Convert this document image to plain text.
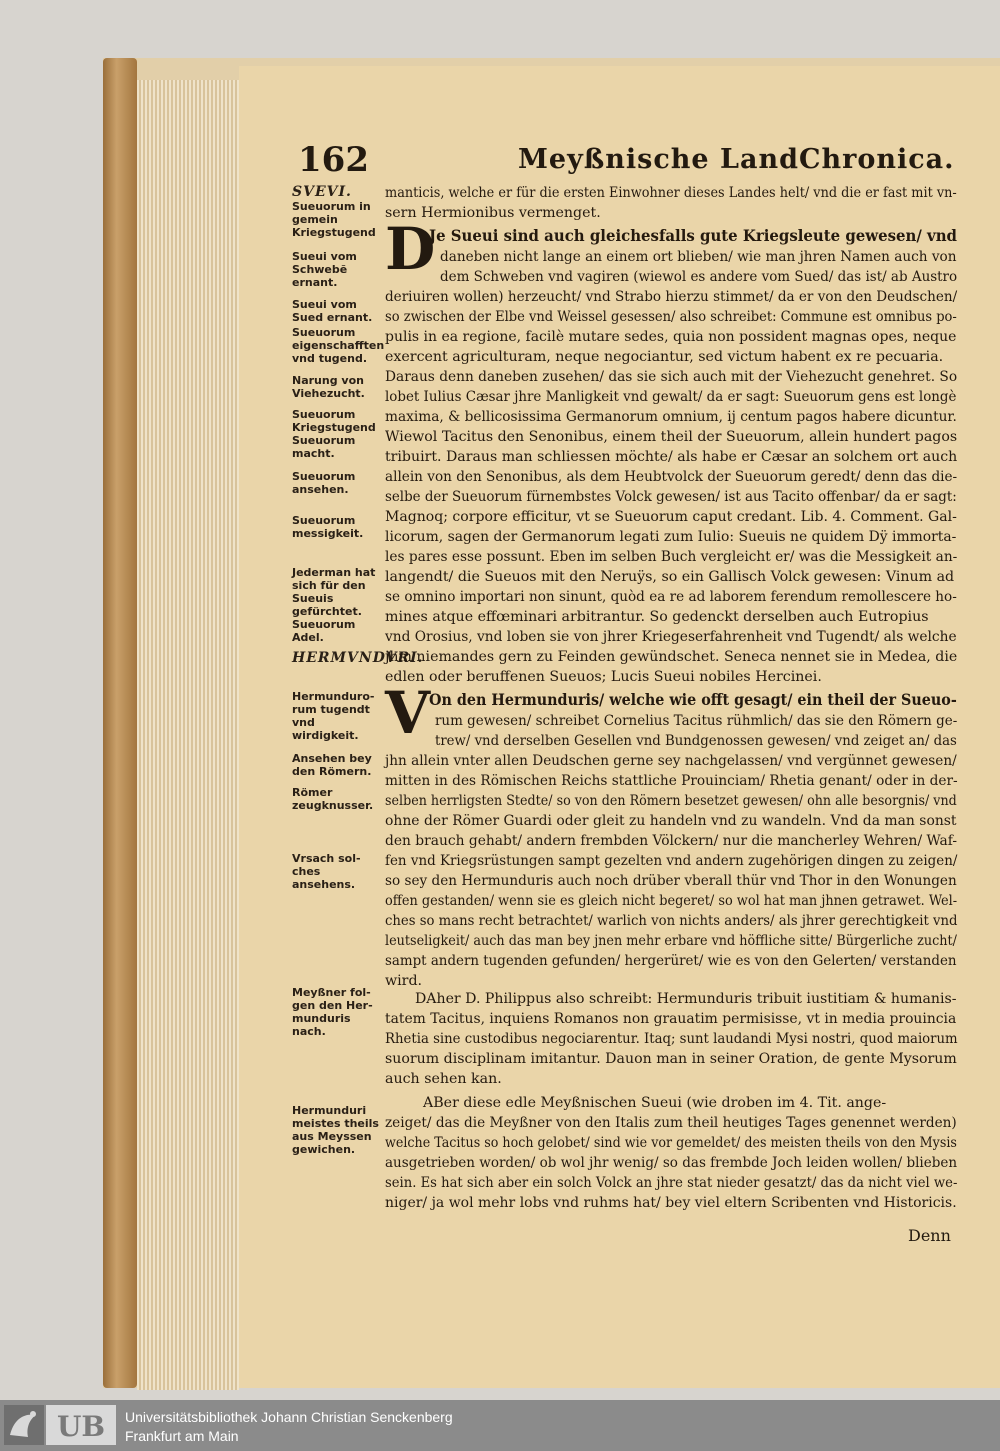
162	Meyßnische LandChronica.
SVEVI.
Sueuorum in gemein Kriegstugend
Sueui vom Schwebẽ ernant.
Sueui vom Sued ernant.
Sueuorum eigenschafften vnd tugend.
Narung von Viehezucht.
Sueuorum Kriegstugend Sueuorum macht.
Sueuorum ansehen.
Sueuorum messigkeit.
Jederman hat sich für den Sueuis gefürchtet.
Sueuorum Adel.
HERMVNDVRI.
Hermunduro-rum tugendt vnd wirdigkeit.
Ansehen bey den Römern.
Römer zeugknusser.
Vrsach sol-ches ansehens.
Meyßner fol-gen den Her-munduris nach.
Hermunduri meistes theils aus Meyssen gewichen.
manticis, welche er für die ersten Einwohner dieses Landes helt/ vnd die er fast mit vn-
sern Hermionibus vermenget.
Je Sueui sind auch gleichesfalls gute Kriegsleute gewesen/ vnd
daneben nicht lange an einem ort blieben/ wie man jhren Namen auch von
dem Schweben vnd vagiren (wiewol es andere vom Sued/ das ist/ ab Austro
deriuiren wollen) herzeucht/ vnd Strabo hierzu stimmet/ da er von den Deudschen/
so zwischen der Elbe vnd Weissel gesessen/ also schreibet: Commune est omnibus po-
pulis in ea regione, facilè mutare sedes, quia non possident magnas opes, neque
exercent agriculturam, neque negociantur, sed victum habent ex re pecuaria.
Daraus denn daneben zusehen/ das sie sich auch mit der Viehezucht genehret. So
lobet Iulius Cæsar jhre Manligkeit vnd gewalt/ da er sagt: Sueuorum gens est longè
maxima, & bellicosissima Germanorum omnium, ij centum pagos habere dicuntur.
Wiewol Tacitus den Senonibus, einem theil der Sueuorum, allein hundert pagos
tribuirt. Daraus man schliessen möchte/ als habe er Cæsar an solchem ort auch
allein von den Senonibus, als dem Heubtvolck der Sueuorum geredt/ denn das die-
selbe der Sueuorum fürnembstes Volck gewesen/ ist aus Tacito offenbar/ da er sagt:
Magnoq; corpore efficitur, vt se Sueuorum caput credant. Lib. 4. Comment. Gal-
licorum, sagen der Germanorum legati zum Iulio: Sueuis ne quidem Dÿ immorta-
les pares esse possunt. Eben im selben Buch vergleicht er/ was die Messigkeit an-
langendt/ die Sueuos mit den Neruÿs, so ein Gallisch Volck gewesen: Vinum ad
se omnino importari non sinunt, quòd ea re ad laborem ferendum remollescere ho-
mines atque effœminari arbitrantur. So gedenckt derselben auch Eutropius
vnd Orosius, vnd loben sie von jhrer Kriegeserfahrenheit vnd Tugendt/ als welche
jhm niemandes gern zu Feinden gewündschet. Seneca nennet sie in Medea, die
edlen oder beruffenen Sueuos; Lucis Sueui nobiles Hercinei.
On den Hermunduris/ welche wie offt gesagt/ ein theil der Sueuo-
rum gewesen/ schreibet Cornelius Tacitus rühmlich/ das sie den Römern ge-
trew/ vnd derselben Gesellen vnd Bundgenossen gewesen/ vnd zeiget an/ das
jhn allein vnter allen Deudschen gerne sey nachgelassen/ vnd vergünnet gewesen/
mitten in des Römischen Reichs stattliche Prouinciam/ Rhetia genant/ oder in der-
selben herrligsten Stedte/ so von den Römern besetzet gewesen/ ohn alle besorgnis/ vnd
ohne der Römer Guardi oder gleit zu handeln vnd zu wandeln. Vnd da man sonst
den brauch gehabt/ andern frembden Völckern/ nur die mancherley Wehren/ Waf-
fen vnd Kriegsrüstungen sampt gezelten vnd andern zugehörigen dingen zu zeigen/
so sey den Hermunduris auch noch drüber vberall thür vnd Thor in den Wonungen
offen gestanden/ wenn sie es gleich nicht begeret/ so wol hat man jhnen getrawet. Wel-
ches so mans recht betrachtet/ warlich von nichts anders/ als jhrer gerechtigkeit vnd
leutseligkeit/ auch das man bey jnen mehr erbare vnd höffliche sitte/ Bürgerliche zucht/
sampt andern tugenden gefunden/ hergerüret/ wie es von den Gelerten/ verstanden
wird.
DAher D. Philippus also schreibt: Hermunduris tribuit iustitiam & humanis-
tatem Tacitus, inquiens Romanos non grauatim permisisse, vt in media prouincia
Rhetia sine custodibus negociarentur. Itaq; sunt laudandi Mysi nostri, quod maiorum
suorum disciplinam imitantur. Dauon man in seiner Oration, de gente Mysorum
auch sehen kan.
ABer diese edle Meyßnischen Sueui (wie droben im 4. Tit. ange-
zeiget/ das die Meyßner von den Italis zum theil heutiges Tages genennet werden)
welche Tacitus so hoch gelobet/ sind wie vor gemeldet/ des meisten theils von den Mysis
ausgetrieben worden/ ob wol jhr wenig/ so das frembde Joch leiden wollen/ blieben
sein. Es hat sich aber ein solch Volck an jhre stat nieder gesatzt/ das da nicht viel we-
niger/ ja wol mehr lobs vnd ruhms hat/ bey viel eltern Scribenten vnd Historicis.
D
V
Denn
UB Universitätsbibliothek Johann Christian Senckenberg
Frankfurt am Main
